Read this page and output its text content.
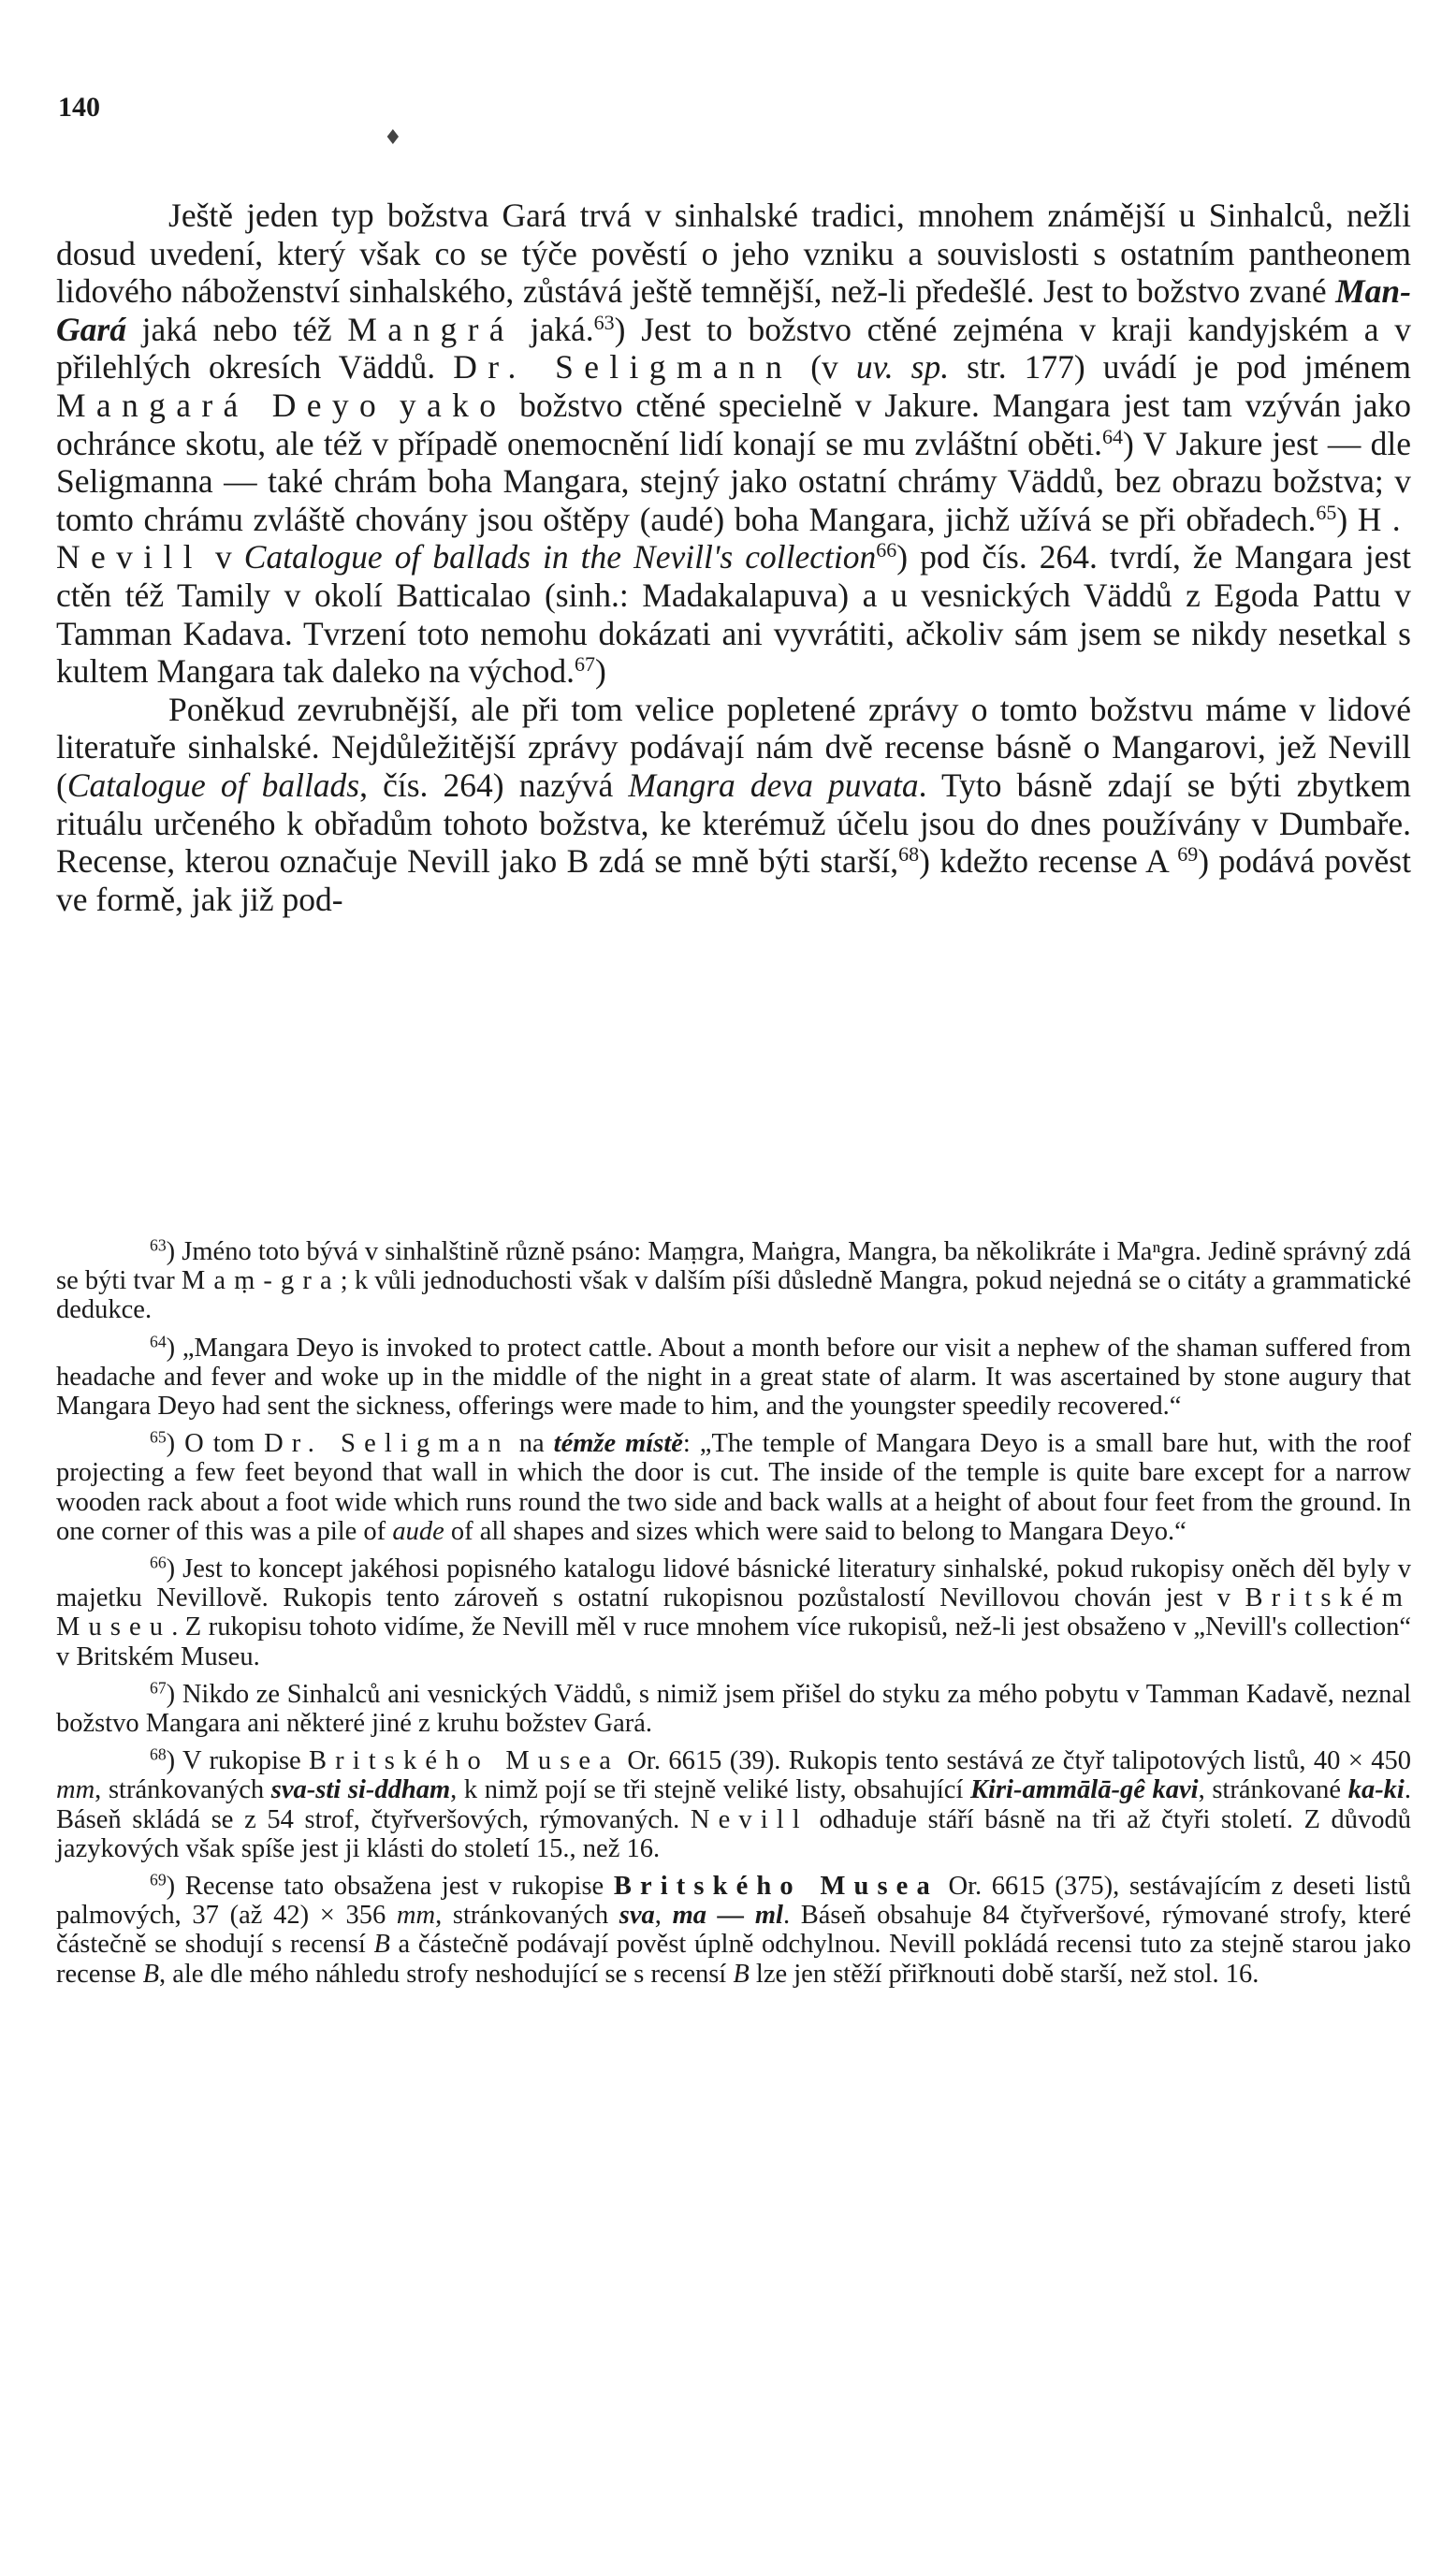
140
♦

Ještě jeden typ božstva Gará trvá v sinhalské tradici, mnohem známější u Sinhalců, nežli dosud uvedení, který však co se týče pověstí o jeho vzniku a souvislosti s ostatním pantheonem lidového náboženství sinhalského, zůstává ještě temnější, než-li předešlé. Jest to božstvo zvané Man-Gará jaká nebo též Mangrá jaká.$^{63}$) Jest to božstvo ctěné zejména v kraji kandyjském a v přilehlých okresích Väddů. Dr. Seligmann (v uv. sp. str. 177) uvádí je pod jménem Mangará Deyo yako božstvo ctěné specielně v Jakure. Mangara jest tam vzýván jako ochránce skotu, ale též v případě onemocnění lidí konají se mu zvláštní oběti.$^{64}$) V Jakure jest — dle Seligmanna — také chrám boha Mangara, stejný jako ostatní chrámy Väddů, bez obrazu božstva; v tomto chrámu zvláště chovány jsou oštěpy (audé) boha Mangara, jichž užívá se při obřadech.$^{65}$) H. Nevill v Catalogue of ballads in the Nevill's collection$^{66}$) pod čís. 264. tvrdí, že Mangara jest ctěn též Tamily v okolí Batticalao (sinh.: Madakalapuva) a u vesnických Väddů z Egoda Pattu v Tamman Kadava. Tvrzení toto nemohu dokázati ani vyvrátiti, ačkoliv sám jsem se nikdy nesetkal s kultem Mangara tak daleko na východ.$^{67}$)

Poněkud zevrubnější, ale při tom velice popletené zprávy o tomto božstvu máme v lidové literatuře sinhalské. Nejdůležitější zprávy podávají nám dvě recense básně o Mangarovi, jež Nevill (Catalogue of ballads, čís. 264) nazývá Mangra deva puvata. Tyto básně zdají se býti zbytkem rituálu určeného k obřadům tohoto božstva, ke kterémuž účelu jsou do dnes používány v Dumbaře. Recense, kterou označuje Nevill jako B zdá se mně býti starší,$^{68}$) kdežto recense A $^{69}$) podává pověst ve formě, jak již pod-

$^{63}$) Jméno toto bývá v sinhalštině různě psáno: Maṃgra, Maṅgra, Mangra, ba několikráte i Maⁿgra. Jedině správný zdá se býti tvar Maṃ-gra; k vůli jednoduchosti však v dalším píši důsledně Mangra, pokud nejedná se o citáty a grammatické dedukce.

$^{64}$) „Mangara Deyo is invoked to protect cattle. About a month before our visit a nephew of the shaman suffered from headache and fever and woke up in the middle of the night in a great state of alarm. It was ascertained by stone augury that Mangara Deyo had sent the sickness, offerings were made to him, and the youngster speedily recovered.“

$^{65}$) O tom Dr. Seligman na témže místě: „The temple of Mangara Deyo is a small bare hut, with the roof projecting a few feet beyond that wall in which the door is cut. The inside of the temple is quite bare except for a narrow wooden rack about a foot wide which runs round the two side and back walls at a height of about four feet from the ground. In one corner of this was a pile of aude of all shapes and sizes which were said to belong to Mangara Deyo.“

$^{66}$) Jest to koncept jakéhosi popisného katalogu lidové básnické literatury sinhalské, pokud rukopisy oněch děl byly v majetku Nevillově. Rukopis tento zároveň s ostatní rukopisnou pozůstalostí Nevillovou chován jest v Britském Museu. Z rukopisu tohoto vidíme, že Nevill měl v ruce mnohem více rukopisů, než-li jest obsaženo v „Nevill's collection“ v Britském Museu.

$^{67}$) Nikdo ze Sinhalců ani vesnických Väddů, s nimiž jsem přišel do styku za mého pobytu v Tamman Kadavě, neznal božstvo Mangara ani některé jiné z kruhu božstev Gará.

$^{68}$) V rukopise Britského Musea Or. 6615 (39). Rukopis tento sestává ze čtyř talipotových listů, 40 × 450 mm, stránkovaných sva-sti si-ddham, k nimž pojí se tři stejně veliké listy, obsahující Kiri-ammālā-gê kavi, stránkované ka-ki. Báseň skládá se z 54 strof, čtyřveršových, rýmovaných. Nevill odhaduje stáří básně na tři až čtyři století. Z důvodů jazykových však spíše jest ji klásti do století 15., než 16.

$^{69}$) Recense tato obsažena jest v rukopise Britského Musea Or. 6615 (375), sestávajícím z deseti listů palmových, 37 (až 42) × 356 mm, stránkovaných sva, ma — ml. Báseň obsahuje 84 čtyřveršové, rýmované strofy, které částečně se shodují s recensí B a částečně podávají pověst úplně odchylnou. Nevill pokládá recensi tuto za stejně starou jako recense B, ale dle mého náhledu strofy neshodující se s recensí B lze jen stěží přiřknouti době starší, než stol. 16.
